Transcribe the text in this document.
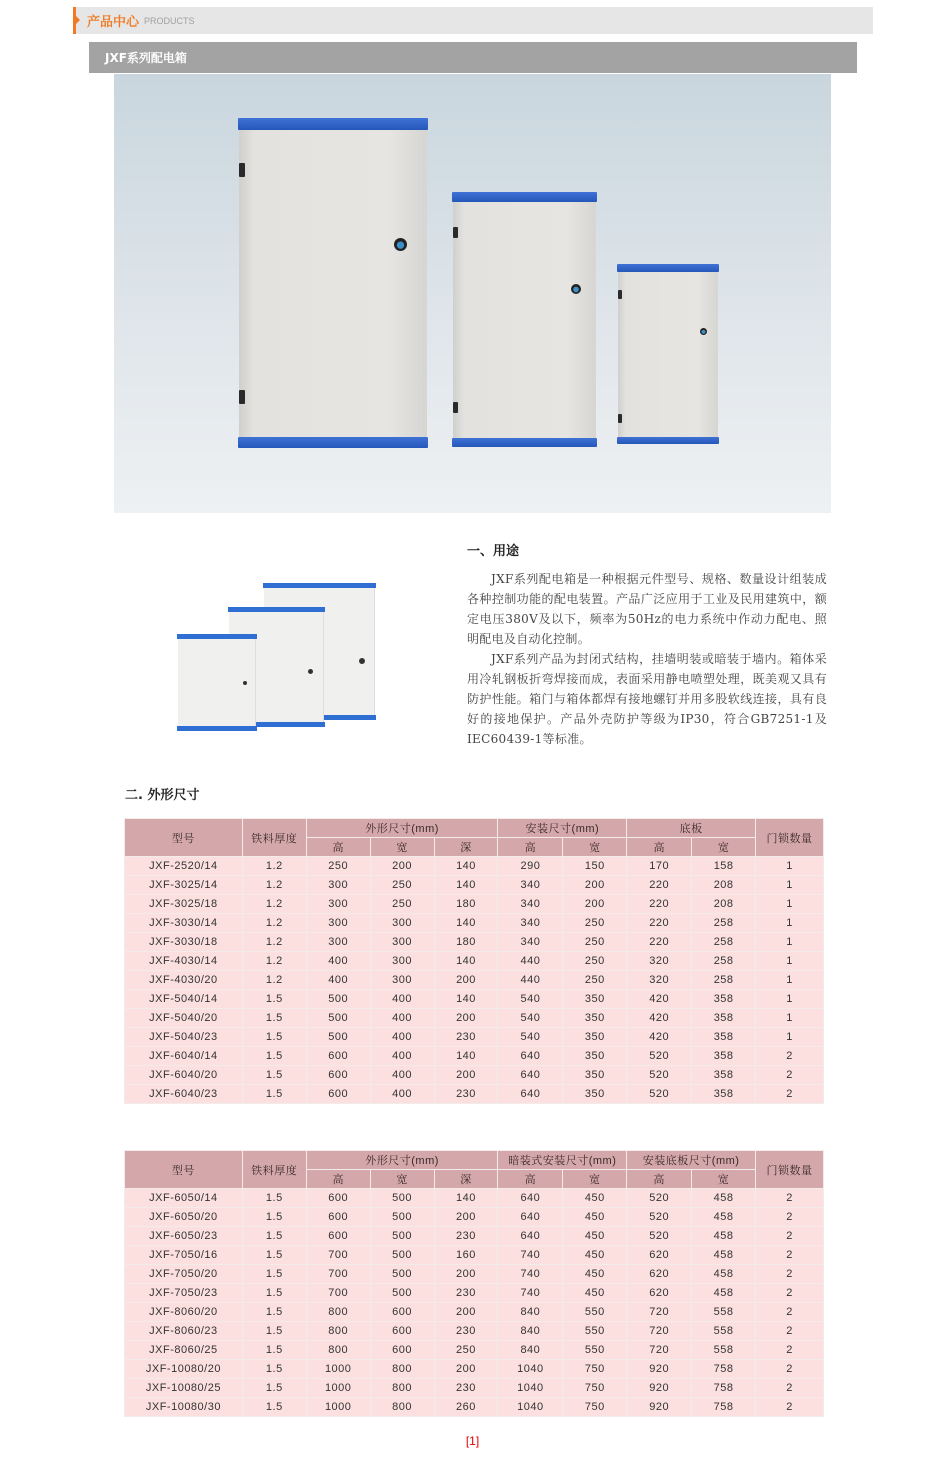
产品中心 PRODUCTS
JXF系列配电箱
一、用途

JXF系列配电箱是一种根据元件型号、规格、数量设计组装成各种控制功能的配电装置。产品广泛应用于工业及民用建筑中，额定电压380V及以下，频率为50Hz的电力系统中作动力配电、照明配电及自动化控制。

JXF系列产品为封闭式结构，挂墙明装或暗装于墙内。箱体采用冷轧钢板折弯焊接而成，表面采用静电喷塑处理，既美观又具有防护性能。箱门与箱体都焊有接地螺钉并用多股软线连接，具有良好的接地保护。产品外壳防护等级为IP30，符合GB7251-1及IEC60439-1等标准。

二. 外形尺寸
型号	铁料厚度	外形尺寸(mm)			安装尺寸(mm)		底板		门锁数量
		高	宽	深	高	宽	高	宽	
JXF-2520/14	1.2	250	200	140	290	150	170	158	1
JXF-3025/14	1.2	300	250	140	340	200	220	208	1
JXF-3025/18	1.2	300	250	180	340	200	220	208	1
JXF-3030/14	1.2	300	300	140	340	250	220	258	1
JXF-3030/18	1.2	300	300	180	340	250	220	258	1
JXF-4030/14	1.2	400	300	140	440	250	320	258	1
JXF-4030/20	1.2	400	300	200	440	250	320	258	1
JXF-5040/14	1.5	500	400	140	540	350	420	358	1
JXF-5040/20	1.5	500	400	200	540	350	420	358	1
JXF-5040/23	1.5	500	400	230	540	350	420	358	1
JXF-6040/14	1.5	600	400	140	640	350	520	358	2
JXF-6040/20	1.5	600	400	200	640	350	520	358	2
JXF-6040/23	1.5	600	400	230	640	350	520	358	2
型号	铁料厚度	外形尺寸(mm)			暗装式安装尺寸(mm)		安装底板尺寸(mm)		门锁数量
		高	宽	深	高	宽	高	宽	
JXF-6050/14	1.5	600	500	140	640	450	520	458	2
JXF-6050/20	1.5	600	500	200	640	450	520	458	2
JXF-6050/23	1.5	600	500	230	640	450	520	458	2
JXF-7050/16	1.5	700	500	160	740	450	620	458	2
JXF-7050/20	1.5	700	500	200	740	450	620	458	2
JXF-7050/23	1.5	700	500	230	740	450	620	458	2
JXF-8060/20	1.5	800	600	200	840	550	720	558	2
JXF-8060/23	1.5	800	600	230	840	550	720	558	2
JXF-8060/25	1.5	800	600	250	840	550	720	558	2
JXF-10080/20	1.5	1000	800	200	1040	750	920	758	2
JXF-10080/25	1.5	1000	800	230	1040	750	920	758	2
JXF-10080/30	1.5	1000	800	260	1040	750	920	758	2
[1]
